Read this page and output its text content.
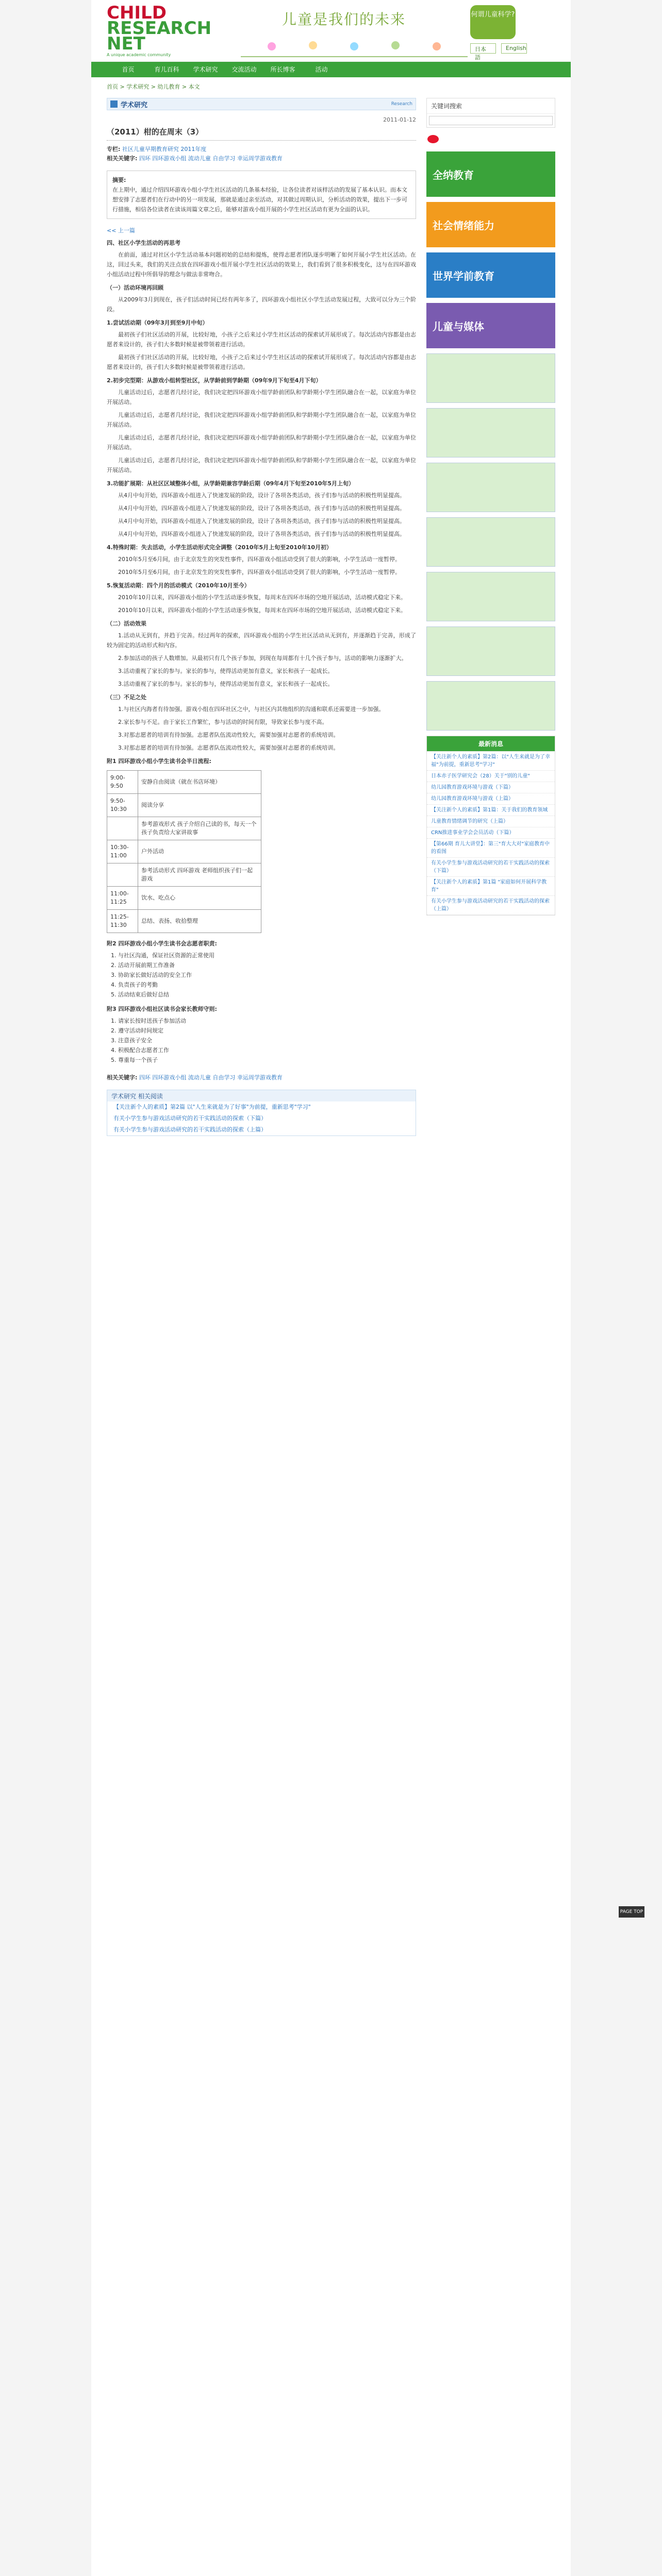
CHILD
RESEARCH
NET
A unique academic community
儿童是我们的未来	何谓儿童科学?
日本語
English
首页	育儿百科	学术研究	交流活动	所长博客	活动
首页 > 学术研究 > 幼儿教育 > 本文
学术研究	Research
2011-01-12
（2011）柑的在周末（3）
专栏: 社区儿童早期教育研究 2011年度
相关关键字: 四环 四环游戏小组 流动儿童 自由学习 幸运周学游戏教育
摘要:
在上期中，通过介绍四环游戏小组小学生社区活动的几条基本经验，让各位读者对该样活动的发展了基本认识。而本文想安排了志愿者们在行动中的另一项发展，那就是通过亲至活动，对其做过周期认识，分析活动的效果，提出下一步可行措施，相信各位读者在读该周篇文章之后，能够对游戏小组开展的小学生社区活动有更为全面的认识。
<< 上一篇
四、社区小学生活动的再思考

在前面，通过对社区小学生活动基本问题初始的总结和提炼，使得志愿者团队逐步明晰了如何开展小学生社区活动。在这，回过头来，我们的关注点放在四环游戏小组开展小学生社区活动的效果上，我们看到了很多积极变化，这与在四环游戏小组活动过程中所倡导的理念与做法非常吻合。

（一）活动环境再回顾

从2009年3月到现在，孩子们活动时间已经有两年多了，四环游戏小组社区小学生活动发展过程，大致可以分为三个阶段。

1.尝试活动期（09年3月到至9月中旬）

最初孩子们社区活动的开展，比较好地，小孩子之后来过小学生社区活动的探索试开展形成了。每次活动内容都是由志愿者来设计的，孩子们大多数时候是被带领着进行活动。

最初孩子们社区活动的开展，比较好地，小孩子之后来过小学生社区活动的探索试开展形成了。每次活动内容都是由志愿者来设计的，孩子们大多数时候是被带领着进行活动。

2.初步完型期：从游戏小组转型社区，从学龄前到学龄期（09年9月下旬至4月下旬）

儿童活动过后，志愿者几经讨论，我们决定把四环游戏小组学龄前团队和学龄期小学生团队融合在一起，以家庭为单位开展活动。

儿童活动过后，志愿者几经讨论，我们决定把四环游戏小组学龄前团队和学龄期小学生团队融合在一起，以家庭为单位开展活动。

儿童活动过后，志愿者几经讨论，我们决定把四环游戏小组学龄前团队和学龄期小学生团队融合在一起，以家庭为单位开展活动。

儿童活动过后，志愿者几经讨论，我们决定把四环游戏小组学龄前团队和学龄期小学生团队融合在一起，以家庭为单位开展活动。

3.功能扩展期：从社区区域整体小组，从学龄期兼容学龄后期（09年4月下旬至2010年5月上旬）

从4月中旬开始，四环游戏小组进入了快速发展的阶段，设计了各项各类活动，孩子们参与活动的积极性明显提高。

从4月中旬开始，四环游戏小组进入了快速发展的阶段，设计了各项各类活动，孩子们参与活动的积极性明显提高。

从4月中旬开始，四环游戏小组进入了快速发展的阶段，设计了各项各类活动，孩子们参与活动的积极性明显提高。

从4月中旬开始，四环游戏小组进入了快速发展的阶段，设计了各项各类活动，孩子们参与活动的积极性明显提高。

4.特殊时期：失去活动，小学生活动形式完全调整（2010年5月上旬至2010年10月初）

2010年5月至6月间，由于北京发生的突发性事件，四环游戏小组活动受到了很大的影响，小学生活动一度暂停。

2010年5月至6月间，由于北京发生的突发性事件，四环游戏小组活动受到了很大的影响，小学生活动一度暂停。

5.恢复活动期：四个月的活动模式（2010年10月至今）

2010年10月以来，四环游戏小组的小学生活动逐步恢复，每周末在四环市场的空地开展活动，活动模式稳定下来。

2010年10月以来，四环游戏小组的小学生活动逐步恢复，每周末在四环市场的空地开展活动，活动模式稳定下来。

（二）活动效果

1.活动从无到有，并趋于完善。经过两年的探索，四环游戏小组的小学生社区活动从无到有，并逐渐趋于完善，形成了较为固定的活动形式和内容。

2.参加活动的孩子人数增加。从最初只有几个孩子参加，到现在每周都有十几个孩子参与，活动的影响力逐渐扩大。

3.活动重视了家长的参与。家长的参与，使得活动更加有意义，家长和孩子一起成长。

3.活动重视了家长的参与。家长的参与，使得活动更加有意义，家长和孩子一起成长。

（三）不足之处

1.与社区内海者有待加强。游戏小组在四环社区之中，与社区内其他组织的沟通和联系还需要进一步加强。

2.家长参与不足。由于家长工作繁忙，参与活动的时间有限，导致家长参与度不高。

3.对那志愿者的培训有待加强。志愿者队伍流动性较大，需要加强对志愿者的系统培训。

3.对那志愿者的培训有待加强。志愿者队伍流动性较大，需要加强对志愿者的系统培训。

附1 四环游戏小组小学生读书会半日流程:
9:00-9:50	安静自由阅读（就在书店环境）
9:50-10:30	阅读分享
	参考游戏形式 孩子介绍自己读的书，每天一个孩子负责给大家讲故事
10:30-11:00	户外活动
	参考活动形式 四环游戏 老师组织孩子们一起游戏
11:00-11:25	饮水、吃点心
11:25-11:30	总结、表扬、收拾整理
附2 四环游戏小组小学生读书会志愿者职责:
1. 与社区沟通，保证社区资源的正常使用
2. 活动开展前期工作准备
3. 协助家长做好活动的安全工作
4. 负责孩子的考勤
5. 活动结束后做好总结
附3 四环游戏小组社区读书会家长教师守则:
1. 请家长按时送孩子参加活动
2. 遵守活动时间规定
3. 注意孩子安全
4. 积极配合志愿者工作
5. 尊重每一个孩子
相关关键字: 四环 四环游戏小组 流动儿童 自由学习 幸运周学游戏教育
学术研究 相关阅读
【关注新个人的素质】第2篇 以"人生来就是为了好事"为前提，重新思考"学习"
有关小学生参与游戏活动研究的若干实践活动的探索（下篇）
有关小学生参与游戏活动研究的若干实践活动的探索（上篇）
关键词搜索
全纳教育
社会情绪能力
世界学前教育
儿童与媒体
最新消息
【关注新个人的素质】第2篇：以"人生来就是为了幸福"为前提，重新思考"学习"
日本赤子医学研究会（28）关于"别的儿童"
幼儿园教育游戏环境与游戏（下篇）
幼儿园教育游戏环境与游戏（上篇）
【关注新个人的素质】第1篇：关于我们的教育领域
儿童教育情绪调节的研究（上篇）
CRN推进事业学会会员活动（下篇）
【第66期 育儿大讲堂】：第三"育大大对"家庭教育中的看图
有关小学生参与游戏活动研究的若干实践活动的探索（下篇）
【关注新个人的素质】第1篇 "家庭如何开展科学教育"
有关小学生参与游戏活动研究的若干实践活动的探索（上篇）
PAGE TOP
